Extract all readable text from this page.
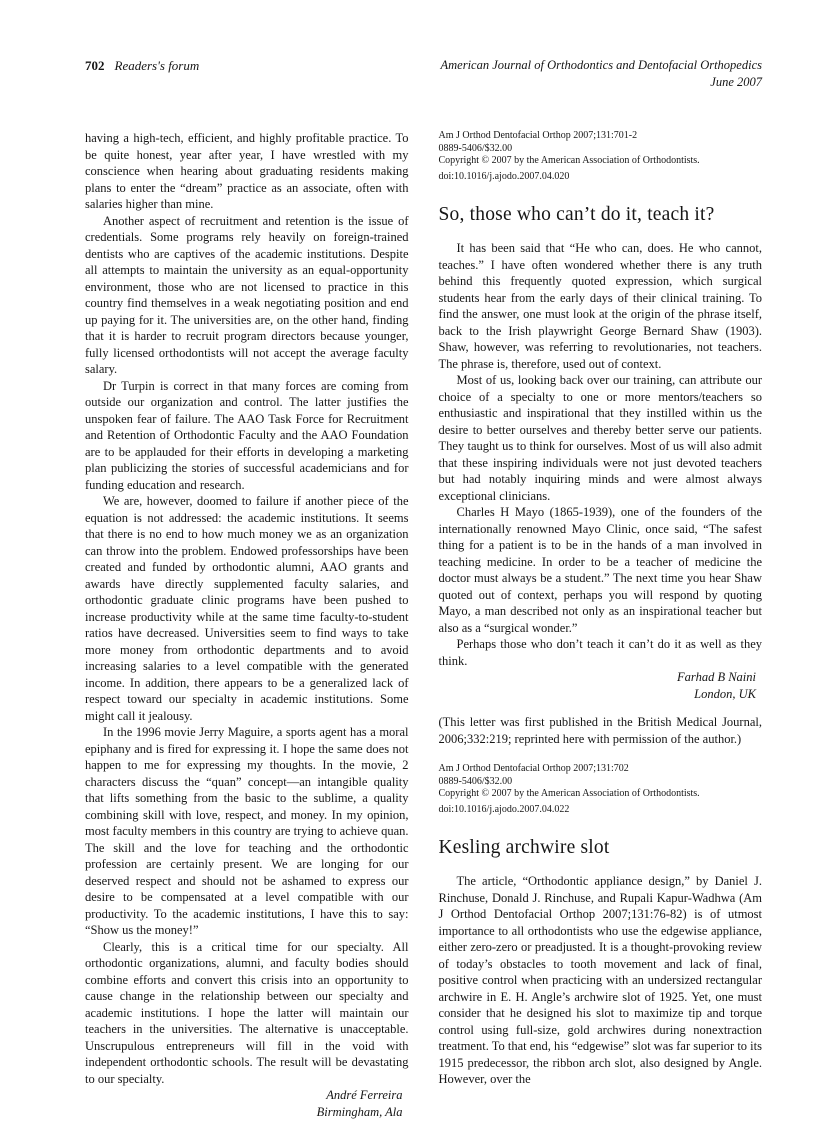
702 Readers's forum	American Journal of Orthodontics and Dentofacial Orthopedics
June 2007

having a high-tech, efficient, and highly profitable practice. To be quite honest, year after year, I have wrestled with my conscience when hearing about graduating residents making plans to enter the “dream” practice as an associate, often with salaries higher than mine.

Another aspect of recruitment and retention is the issue of credentials. Some programs rely heavily on foreign-trained dentists who are captives of the academic institutions. Despite all attempts to maintain the university as an equal-opportunity environment, those who are not licensed to practice in this country find themselves in a weak negotiating position and end up paying for it. The universities are, on the other hand, finding that it is harder to recruit program directors because younger, fully licensed orthodontists will not accept the average faculty salary.

Dr Turpin is correct in that many forces are coming from outside our organization and control. The latter justifies the unspoken fear of failure. The AAO Task Force for Recruitment and Retention of Orthodontic Faculty and the AAO Foundation are to be applauded for their efforts in developing a marketing plan publicizing the stories of successful academicians and for funding education and research.

We are, however, doomed to failure if another piece of the equation is not addressed: the academic institutions. It seems that there is no end to how much money we as an organization can throw into the problem. Endowed professorships have been created and funded by orthodontic alumni, AAO grants and awards have directly supplemented faculty salaries, and orthodontic graduate clinic programs have been pushed to increase productivity while at the same time faculty-to-student ratios have decreased. Universities seem to find ways to take more money from orthodontic departments and to avoid increasing salaries to a level compatible with the generated income. In addition, there appears to be a generalized lack of respect toward our specialty in academic institutions. Some might call it jealousy.

In the 1996 movie Jerry Maguire, a sports agent has a moral epiphany and is fired for expressing it. I hope the same does not happen to me for expressing my thoughts. In the movie, 2 characters discuss the “quan” concept—an intangible quality that lifts something from the basic to the sublime, a quality combining skill with love, respect, and money. In my opinion, most faculty members in this country are trying to achieve quan. The skill and the love for teaching and the orthodontic profession are certainly present. We are longing for our deserved respect and should not be ashamed to express our desire to be compensated at a level compatible with our productivity. To the academic institutions, I have this to say: “Show us the money!”

Clearly, this is a critical time for our specialty. All orthodontic organizations, alumni, and faculty bodies should combine efforts and convert this crisis into an opportunity to cause change in the relationship between our specialty and academic institutions. I hope the latter will maintain our teachers in the universities. The alternative is unacceptable. Unscrupulous entrepreneurs will fill in the void with independent orthodontic schools. The result will be devastating to our specialty.

André Ferreira
Birmingham, Ala

Am J Orthod Dentofacial Orthop 2007;131:701-2

0889-5406/$32.00

Copyright © 2007 by the American Association of Orthodontists.

doi:10.1016/j.ajodo.2007.04.020

So, those who can’t do it, teach it?

It has been said that “He who can, does. He who cannot, teaches.” I have often wondered whether there is any truth behind this frequently quoted expression, which surgical students hear from the early days of their clinical training. To find the answer, one must look at the origin of the phrase itself, back to the Irish playwright George Bernard Shaw (1903). Shaw, however, was referring to revolutionaries, not teachers. The phrase is, therefore, used out of context.

Most of us, looking back over our training, can attribute our choice of a specialty to one or more mentors/teachers so enthusiastic and inspirational that they instilled within us the desire to better ourselves and thereby better serve our patients. They taught us to think for ourselves. Most of us will also admit that these inspiring individuals were not just devoted teachers but had notably inquiring minds and were almost always exceptional clinicians.

Charles H Mayo (1865-1939), one of the founders of the internationally renowned Mayo Clinic, once said, “The safest thing for a patient is to be in the hands of a man involved in teaching medicine. In order to be a teacher of medicine the doctor must always be a student.” The next time you hear Shaw quoted out of context, perhaps you will respond by quoting Mayo, a man described not only as an inspirational teacher but also as a “surgical wonder.”

Perhaps those who don’t teach it can’t do it as well as they think.

Farhad B Naini
London, UK

(This letter was first published in the British Medical Journal, 2006;332:219; reprinted here with permission of the author.)

Am J Orthod Dentofacial Orthop 2007;131:702

0889-5406/$32.00

Copyright © 2007 by the American Association of Orthodontists.

doi:10.1016/j.ajodo.2007.04.022

Kesling archwire slot

The article, “Orthodontic appliance design,” by Daniel J. Rinchuse, Donald J. Rinchuse, and Rupali Kapur-Wadhwa (Am J Orthod Dentofacial Orthop 2007;131:76-82) is of utmost importance to all orthodontists who use the edgewise appliance, either zero-zero or preadjusted. It is a thought-provoking review of today’s obstacles to tooth movement and lack of final, positive control when practicing with an undersized rectangular archwire in E. H. Angle’s archwire slot of 1925. Yet, one must consider that he designed his slot to maximize tip and torque control using full-size, gold archwires during nonextraction treatment. To that end, his “edgewise” slot was far superior to its 1915 predecessor, the ribbon arch slot, also designed by Angle. However, over the
